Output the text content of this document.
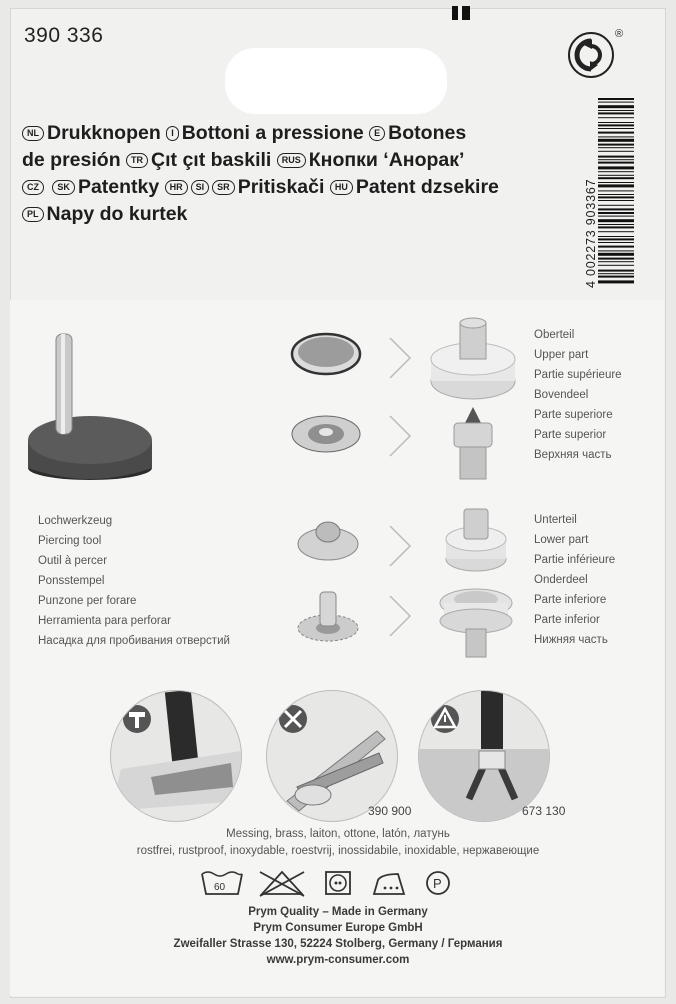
390 336	®
NL Drukknopen I Bottoni a pressione E Botones
de presión TR Çıt çıt baskili RUS Кнопки ‘Анорак’
CZ SK Patentky HR SI SR Pritiskači HU Patent dzsekire
PL Napy do kurtek	4 002273 903367
Oberteil
Upper part
Partie supérieure
Bovendeel
Parte superiore
Parte superior
Верхняя часть
Unterteil
Lower part
Partie inférieure
Onderdeel
Parte inferiore
Parte inferior
Нижняя часть
Lochwerkzeug
Piercing tool
Outil à percer
Ponsstempel
Punzone per forare
Herramienta para perforar
Насадка для пробивания отверстий
390 900	673 130
Messing, brass, laiton, ottone, latón, латунь
rostfrei, rustproof, inoxydable, roestvrij, inossidabile, inoxidable, нержавеющие
60	P
Prym Quality – Made in Germany
Prym Consumer Europe GmbH
Zweifaller Strasse 130, 52224 Stolberg, Germany / Германия
www.prym-consumer.com
